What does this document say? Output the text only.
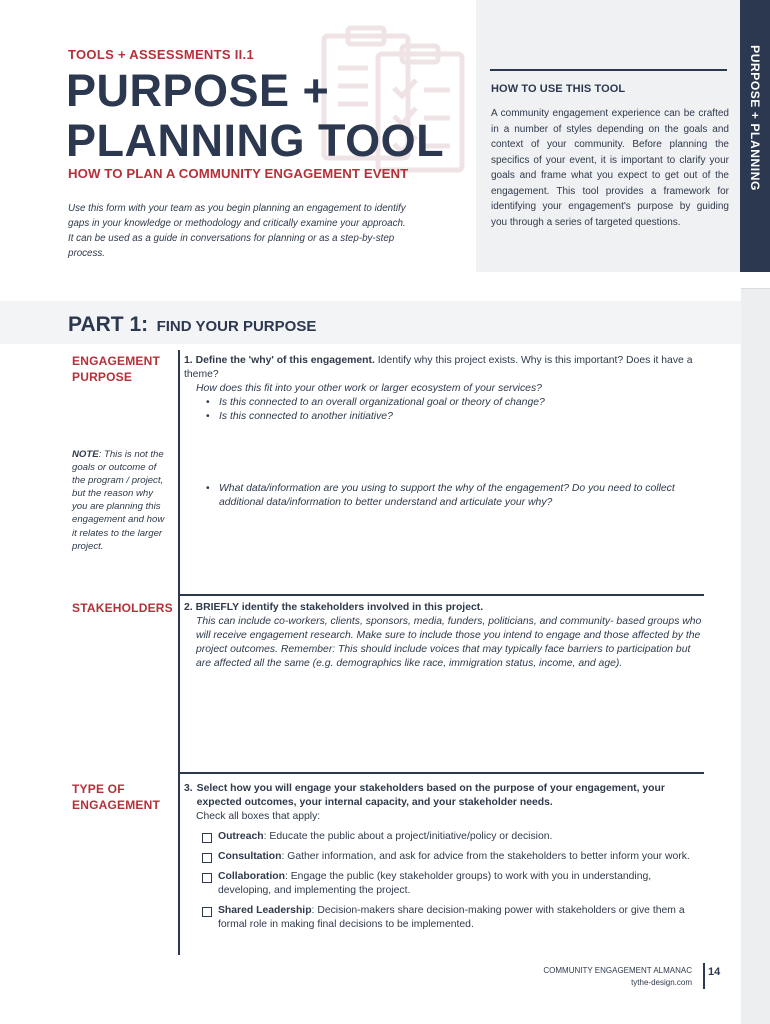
HOW TO USE THIS TOOL
A community engagement experience can be crafted in a number of styles depending on the goals and context of your community. Before planning the specifics of your event, it is important to clarify your goals and frame what you expect to get out of the engagement. This tool provides a framework for identifying your engagement's purpose by guiding you through a series of targeted questions.
PURPOSE + PLANNING
TOOLS + ASSESSMENTS II.1
PURPOSE +
PLANNING TOOL
HOW TO PLAN A COMMUNITY ENGAGEMENT EVENT
Use this form with your team as you begin planning an engagement to identify gaps in your knowledge or methodology and critically examine your approach. It can be used as a guide in conversations for planning or as a step-by-step process.
PART 1: FIND YOUR PURPOSE
ENGAGEMENT
PURPOSE
NOTE: This is not the goals or outcome of the program / project, but the reason why you are planning this engagement and how it relates to the larger project.
1. Define the 'why' of this engagement. Identify why this project exists. Why is this important? Does it have a theme?
How does this fit into your other work or larger ecosystem of your services?
• Is this connected to an overall organizational goal or theory of change?
• Is this connected to another initiative?
• What data/information are you using to support the why of the engagement? Do you need to collect additional data/information to better understand and articulate your why?
STAKEHOLDERS 2. BRIEFLY identify the stakeholders involved in this project.
This can include co-workers, clients, sponsors, media, funders, politicians, and community- based groups who will receive engagement research. Make sure to include those you intend to engage and those affected by the project outcomes. Remember: This should include voices that may typically face barriers to participation but are affected all the same (e.g. demographics like race, immigration status, income, and age).
TYPE OF
ENGAGEMENT
3. Select how you will engage your stakeholders based on the purpose of your engagement, your expected outcomes, your internal capacity, and your stakeholder needs.
Check all boxes that apply:
Outreach: Educate the public about a project/initiative/policy or decision.
Consultation: Gather information, and ask for advice from the stakeholders to better inform your work.
Collaboration: Engage the public (key stakeholder groups) to work with you in understanding, developing, and implementing the project.
Shared Leadership: Decision-makers share decision-making power with stakeholders or give them a formal role in making final decisions to be implemented.
COMMUNITY ENGAGEMENT ALMANAC
tythe-design.com
14
